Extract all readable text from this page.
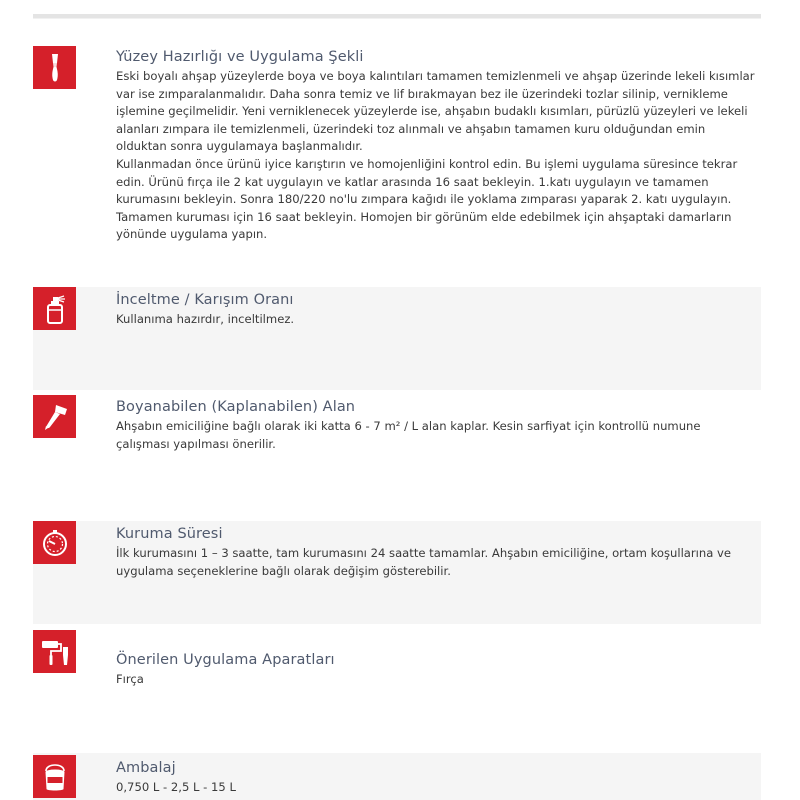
Yüzey Hazırlığı ve Uygulama Şekli

Eski boyalı ahşap yüzeylerde boya ve boya kalıntıları tamamen temizlenmeli ve ahşap üzerinde lekeli kısımlar var ise zımparalanmalıdır. Daha sonra temiz ve lif bırakmayan bez ile üzerindeki tozlar silinip, vernikleme işlemine geçilmelidir. Yeni verniklenecek yüzeylerde ise, ahşabın budaklı kısımları, pürüzlü yüzeyleri ve lekeli alanları zımpara ile temizlenmeli, üzerindeki toz alınmalı ve ahşabın tamamen kuru olduğundan emin olduktan sonra uygulamaya başlanmalıdır.

Kullanmadan önce ürünü iyice karıştırın ve homojenliğini kontrol edin. Bu işlemi uygulama süresince tekrar edin. Ürünü fırça ile 2 kat uygulayın ve katlar arasında 16 saat bekleyin. 1.katı uygulayın ve tamamen kurumasını bekleyin. Sonra 180/220 no'lu zımpara kağıdı ile yoklama zımparası yaparak 2. katı uygulayın. Tamamen kuruması için 16 saat bekleyin. Homojen bir görünüm elde edebilmek için ahşaptaki damarların yönünde uygulama yapın.

İnceltme / Karışım Oranı

Kullanıma hazırdır, inceltilmez.

Boyanabilen (Kaplanabilen) Alan

Ahşabın emiciliğine bağlı olarak iki katta 6 - 7 m² / L alan kaplar. Kesin sarfiyat için kontrollü numune çalışması yapılması önerilir.

Kuruma Süresi

İlk kurumasını 1 – 3 saatte, tam kurumasını 24 saatte tamamlar. Ahşabın emiciliğine, ortam koşullarına ve uygulama seçeneklerine bağlı olarak değişim gösterebilir.

Önerilen Uygulama Aparatları

Fırça

Ambalaj

0,750 L - 2,5 L - 15 L
